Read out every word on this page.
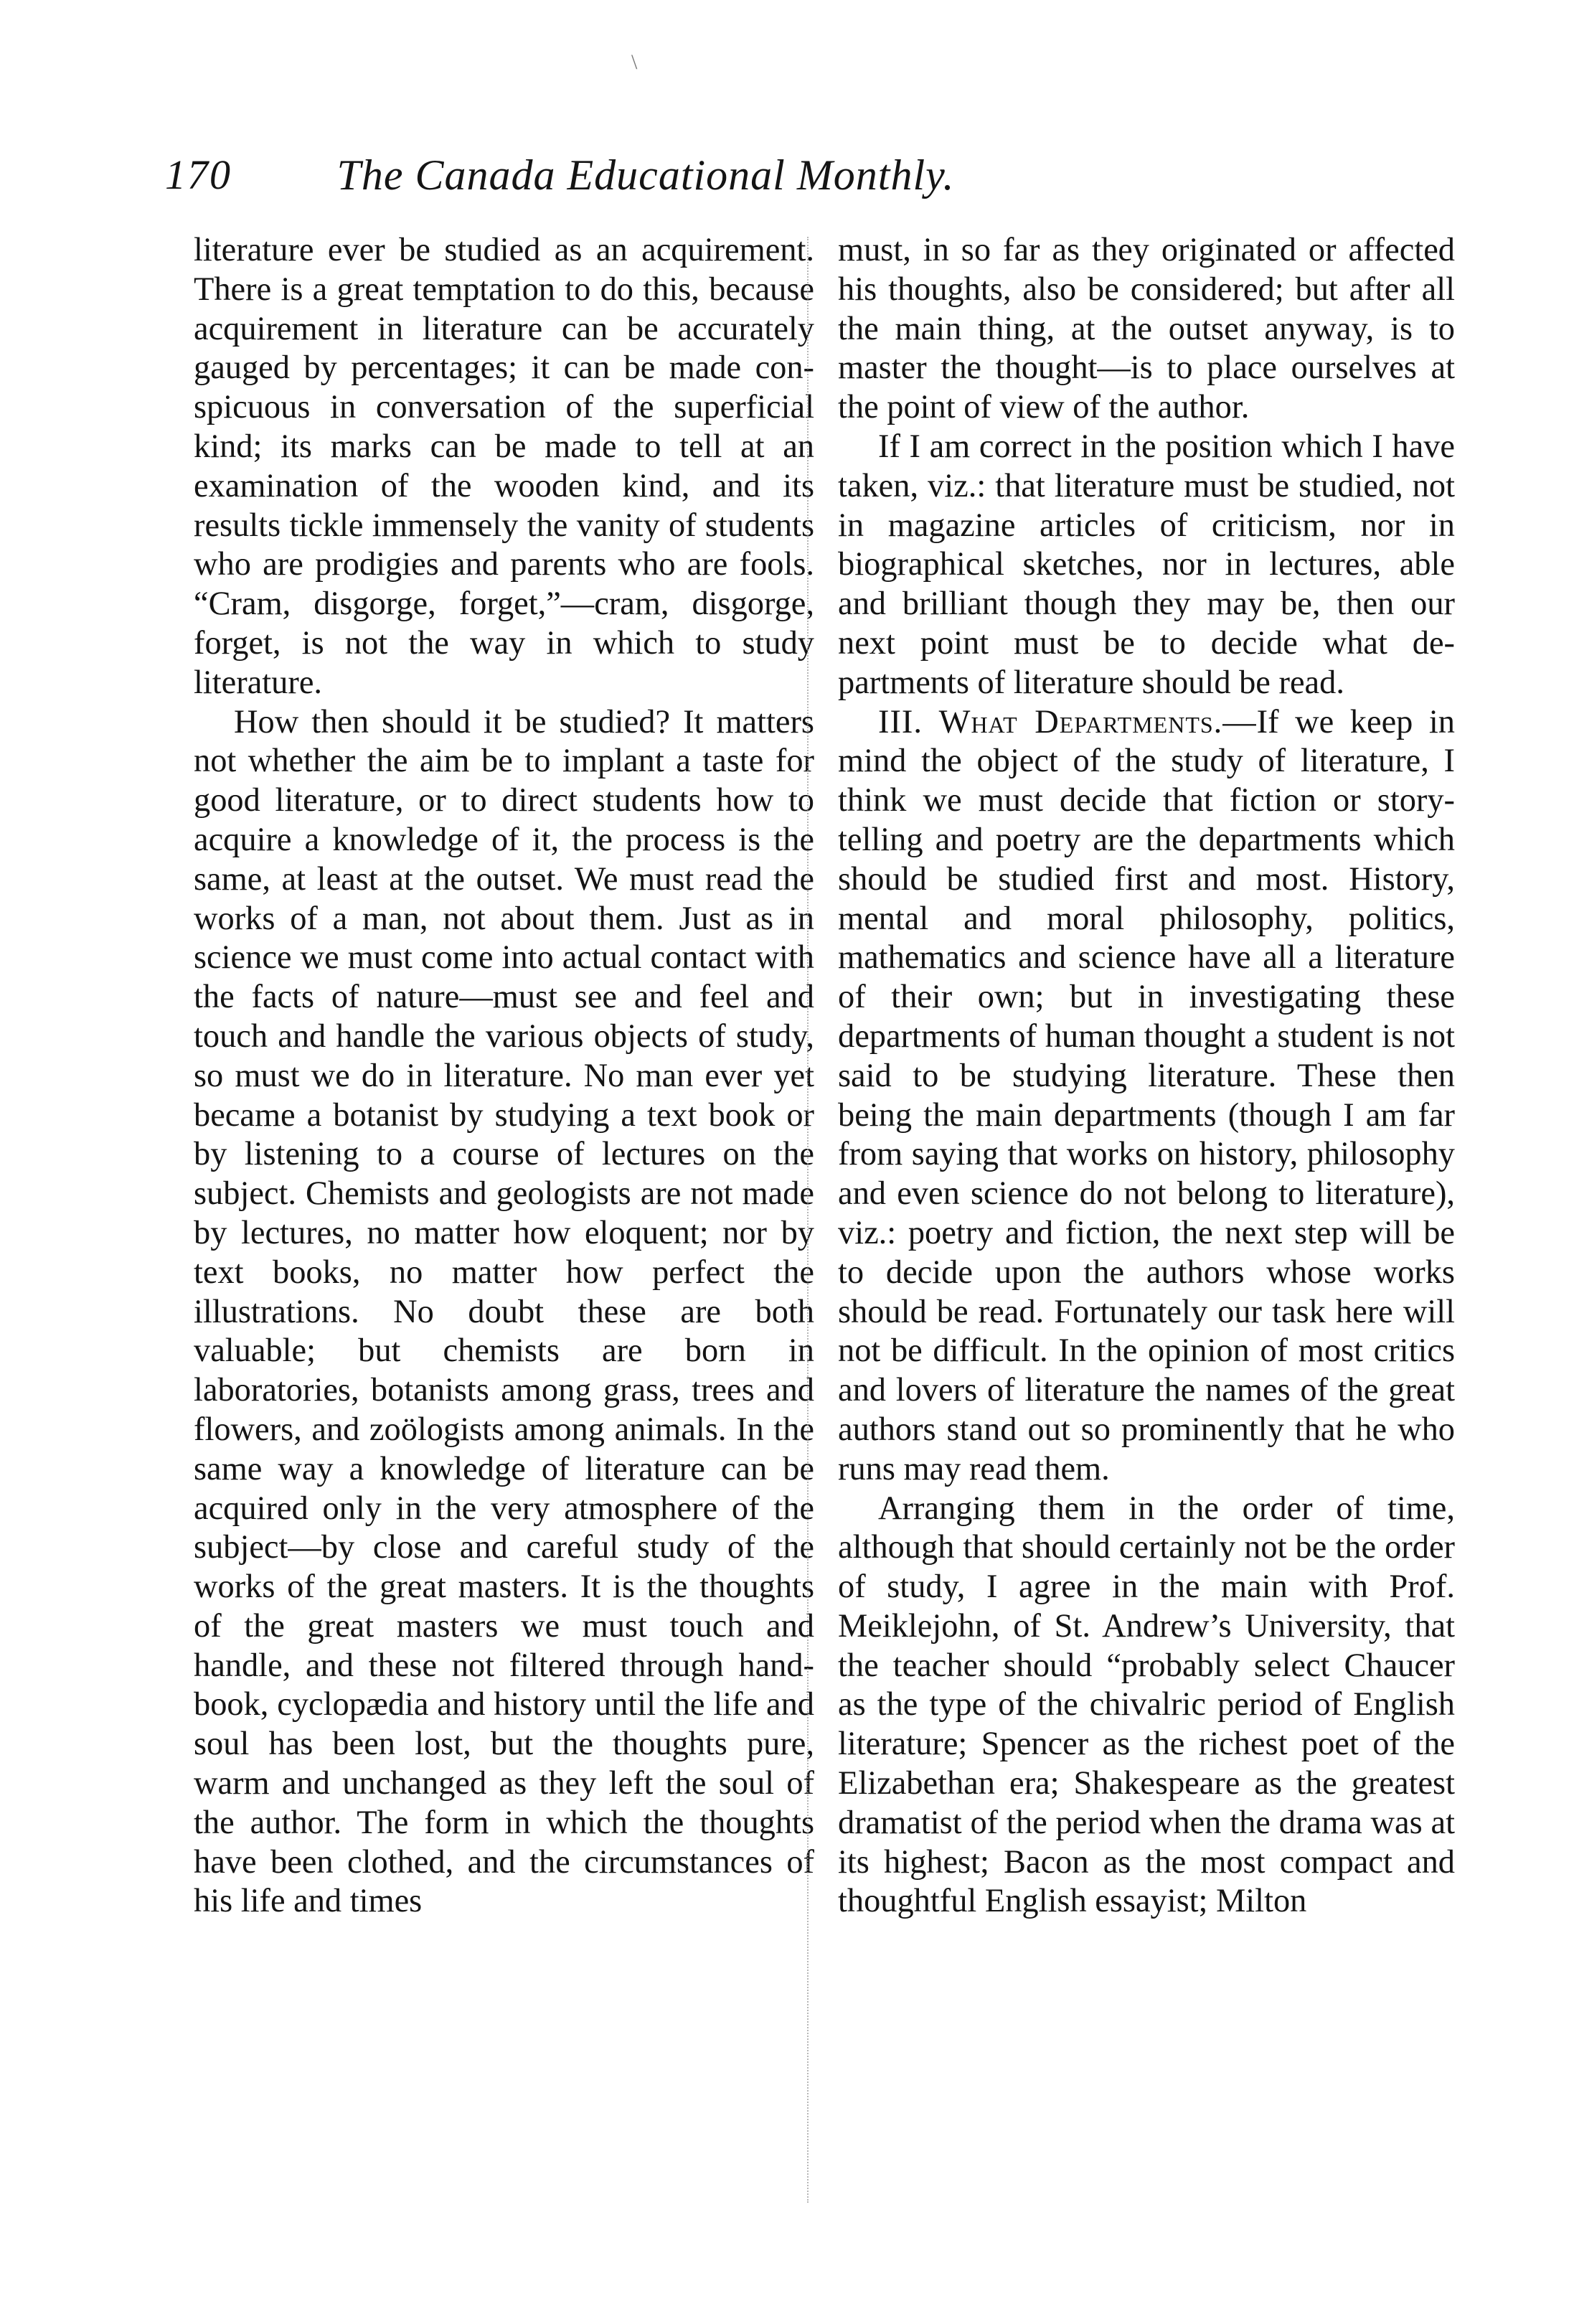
\
170	The Canada Educational Monthly.

literature ever be studied as an acquirement. There is a great temptation to do this, because acquirement in literature can be accurately gauged by percentages; it can be made conspicuous in conversation of the superficial kind; its marks can be made to tell at an examination of the wooden kind, and its results tickle immensely the vanity of students who are prodigies and parents who are fools. “Cram, disgorge, forget,”—cram, disgorge, forget, is not the way in which to study literature.

How then should it be studied? It matters not whether the aim be to implant a taste for good literature, or to direct students how to acquire a knowledge of it, the process is the same, at least at the outset. We must read the works of a man, not about them. Just as in science we must come into actual contact with the facts of nature—must see and feel and touch and handle the various objects of study, so must we do in literature. No man ever yet became a botanist by studying a text book or by listening to a course of lectures on the subject. Chemists and geologists are not made by lectures, no matter how eloquent; nor by text books, no matter how perfect the illustrations. No doubt these are both valuable; but chemists are born in laboratories, botanists among grass, trees and flowers, and zoölogists among animals. In the same way a knowledge of literature can be acquired only in the very atmosphere of the subject—by close and careful study of the works of the great masters. It is the thoughts of the great masters we must touch and handle, and these not filtered through hand-book, cyclopædia and history until the life and soul has been lost, but the thoughts pure, warm and unchanged as they left the soul of the author. The form in which the thoughts have been clothed, and the circumstances of his life and times

must, in so far as they originated or affected his thoughts, also be considered; but after all the main thing, at the outset anyway, is to master the thought—is to place ourselves at the point of view of the author.

If I am correct in the position which I have taken, viz.: that literature must be studied, not in magazine articles of criticism, nor in biographical sketches, nor in lectures, able and brilliant though they may be, then our next point must be to decide what departments of literature should be read.

III. What Departments.—If we keep in mind the object of the study of literature, I think we must decide that fiction or story-telling and poetry are the departments which should be studied first and most. History, mental and moral philosophy, politics, mathematics and science have all a literature of their own; but in investigating these departments of human thought a student is not said to be studying literature. These then being the main departments (though I am far from saying that works on history, philosophy and even science do not belong to literature), viz.: poetry and fiction, the next step will be to decide upon the authors whose works should be read. Fortunately our task here will not be difficult. In the opinion of most critics and lovers of literature the names of the great authors stand out so prominently that he who runs may read them.

Arranging them in the order of time, although that should certainly not be the order of study, I agree in the main with Prof. Meiklejohn, of St. Andrew’s University, that the teacher should “probably select Chaucer as the type of the chivalric period of English literature; Spencer as the richest poet of the Elizabethan era; Shakespeare as the greatest dramatist of the period when the drama was at its highest; Bacon as the most compact and thoughtful English essayist; Milton
